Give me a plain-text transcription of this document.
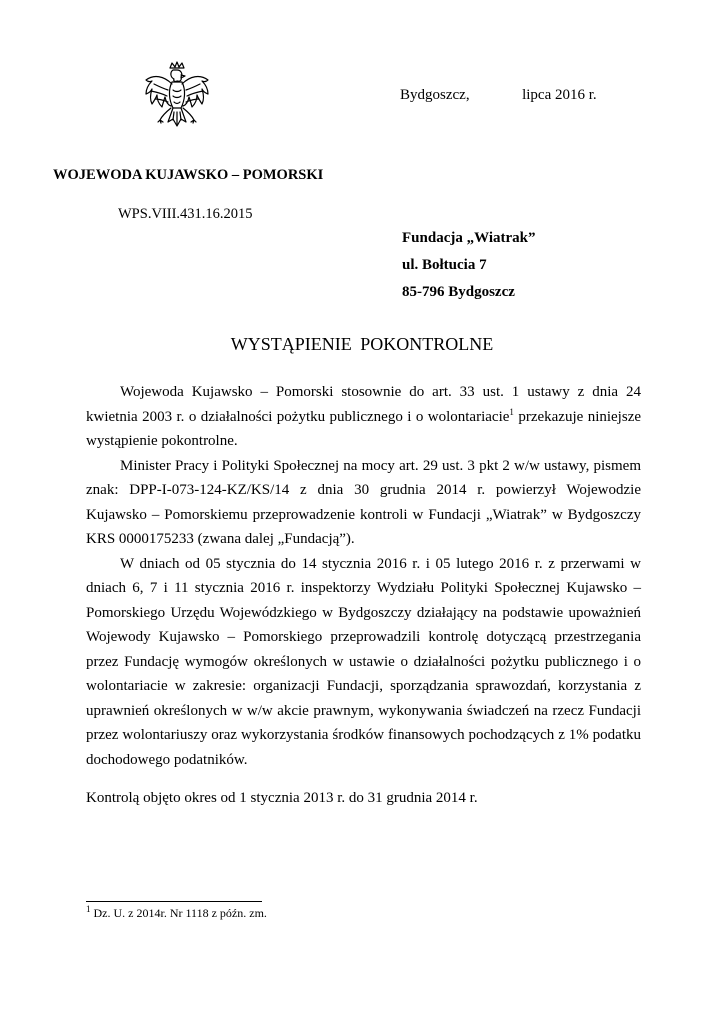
Bydgoszcz,	lipca 2016 r.
WOJEWODA KUJAWSKO – POMORSKI
WPS.VIII.431.16.2015
Fundacja „Wiatrak”
ul. Bołtucia 7
85-796 Bydgoszcz
WYSTĄPIENIE POKONTROLNE

Wojewoda Kujawsko – Pomorski stosownie do art. 33 ust. 1 ustawy z dnia 24 kwietnia 2003 r. o działalności pożytku publicznego i o wolontariacie$^1$ przekazuje niniejsze wystąpienie pokontrolne.

Minister Pracy i Polityki Społecznej na mocy art. 29 ust. 3 pkt 2 w/w ustawy, pismem znak: DPP-I-073-124-KZ/KS/14 z dnia 30 grudnia 2014 r. powierzył Wojewodzie Kujawsko – Pomorskiemu przeprowadzenie kontroli w Fundacji „Wiatrak” w Bydgoszczy KRS 0000175233 (zwana dalej „Fundacją”).

W dniach od 05 stycznia do 14 stycznia 2016 r. i 05 lutego 2016 r. z przerwami w dniach 6, 7 i 11 stycznia 2016 r. inspektorzy Wydziału Polityki Społecznej Kujawsko – Pomorskiego Urzędu Wojewódzkiego w Bydgoszczy działający na podstawie upoważnień Wojewody Kujawsko – Pomorskiego przeprowadzili kontrolę dotyczącą przestrzegania przez Fundację wymogów określonych w ustawie o działalności pożytku publicznego i o wolontariacie w zakresie: organizacji Fundacji, sporządzania sprawozdań, korzystania z uprawnień określonych w w/w akcie prawnym, wykonywania świadczeń na rzecz Fundacji przez wolontariuszy oraz wykorzystania środków finansowych pochodzących z 1% podatku dochodowego podatników.

Kontrolą objęto okres od 1 stycznia 2013 r. do 31 grudnia 2014 r.

$^1$ Dz. U. z 2014r. Nr 1118 z późn. zm.
